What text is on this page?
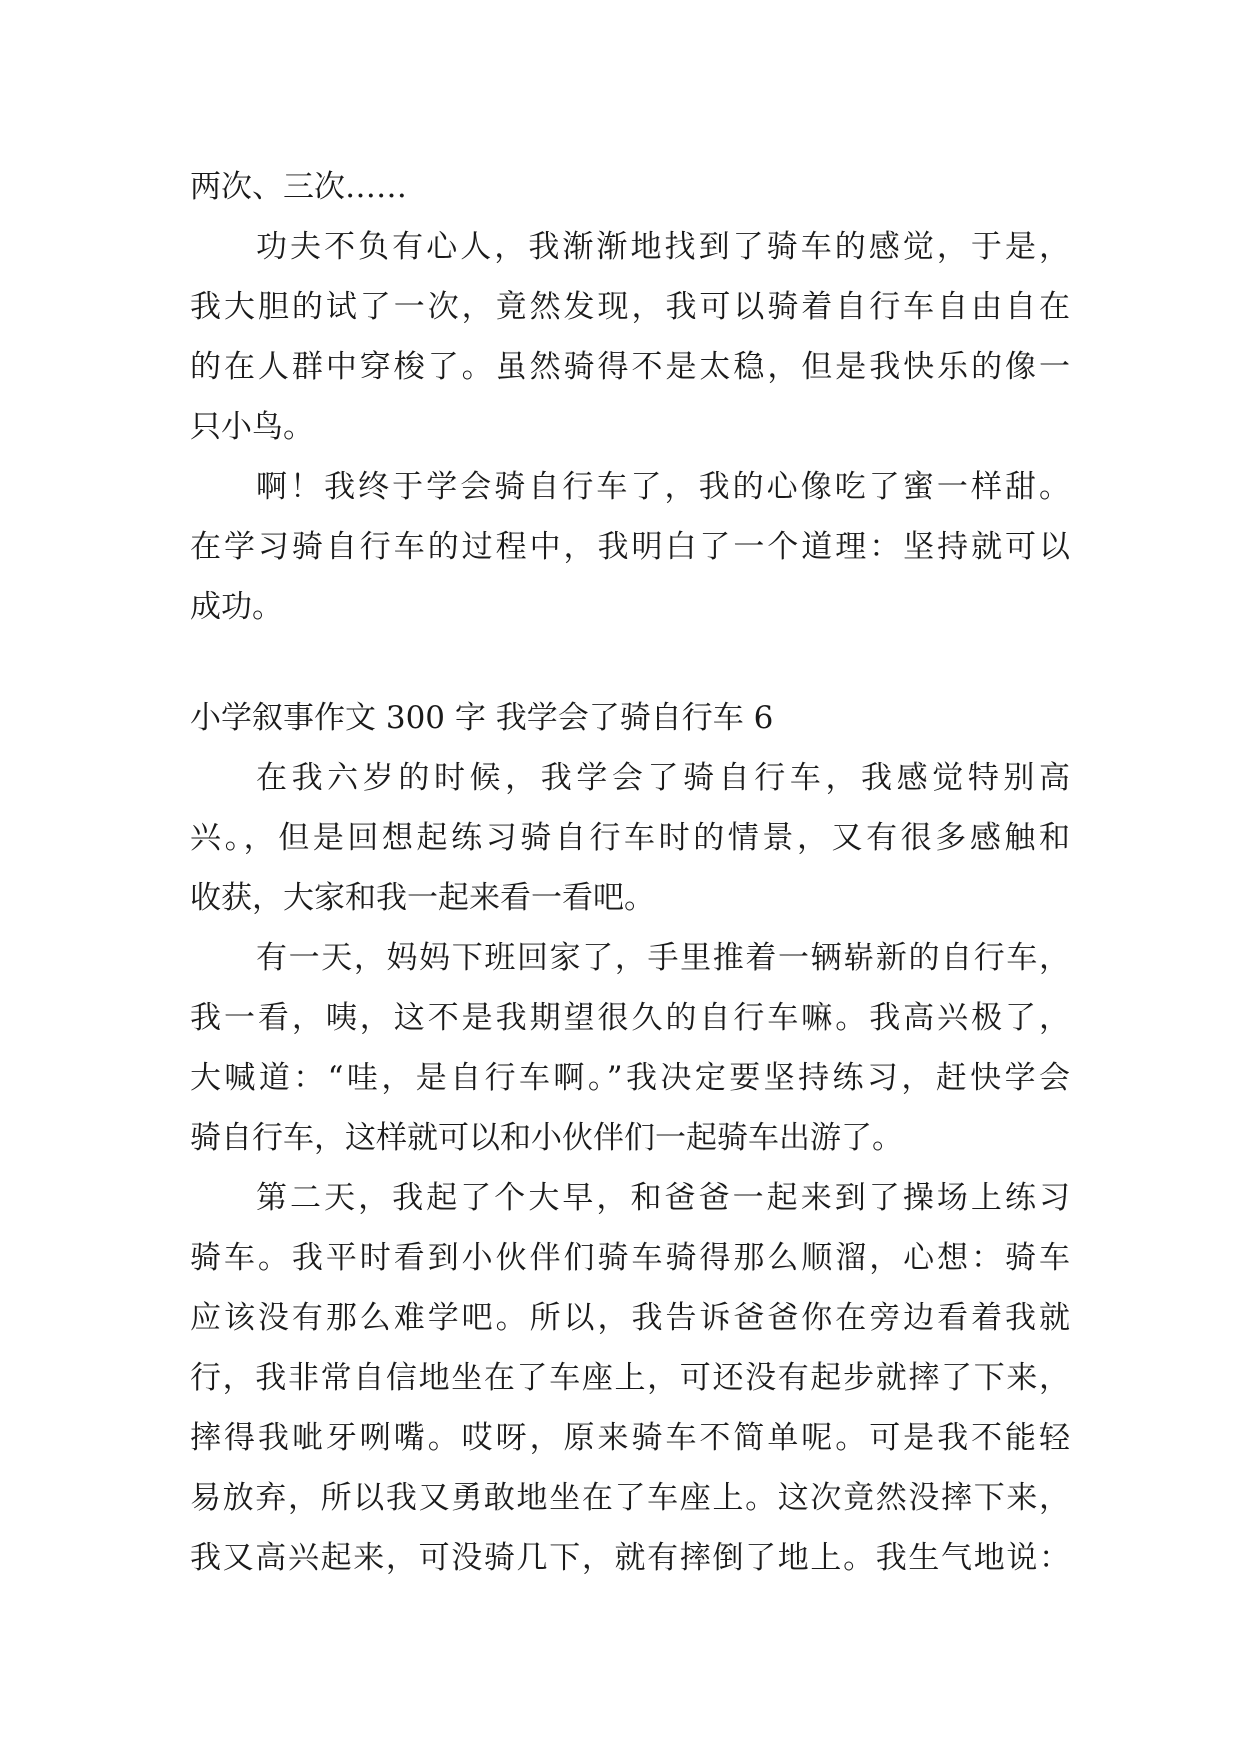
两次、三次……
功夫不负有心人，我渐渐地找到了骑车的感觉，于是，
我大胆的试了一次，竟然发现，我可以骑着自行车自由自在
的在人群中穿梭了。虽然骑得不是太稳，但是我快乐的像一
只小鸟。
啊！我终于学会骑自行车了，我的心像吃了蜜一样甜。
在学习骑自行车的过程中，我明白了一个道理：坚持就可以
成功。
小学叙事作文 300 字 我学会了骑自行车 6
在我六岁的时候，我学会了骑自行车，我感觉特别高
兴。，但是回想起练习骑自行车时的情景，又有很多感触和
收获，大家和我一起来看一看吧。
有一天，妈妈下班回家了，手里推着一辆崭新的自行车，
我一看，咦，这不是我期望很久的自行车嘛。我高兴极了，
大喊道：“哇，是自行车啊。”我决定要坚持练习，赶快学会
骑自行车，这样就可以和小伙伴们一起骑车出游了。
第二天，我起了个大早，和爸爸一起来到了操场上练习
骑车。我平时看到小伙伴们骑车骑得那么顺溜，心想：骑车
应该没有那么难学吧。所以，我告诉爸爸你在旁边看着我就
行，我非常自信地坐在了车座上，可还没有起步就摔了下来，
摔得我呲牙咧嘴。哎呀，原来骑车不简单呢。可是我不能轻
易放弃，所以我又勇敢地坐在了车座上。这次竟然没摔下来，
我又高兴起来，可没骑几下，就有摔倒了地上。我生气地说：
